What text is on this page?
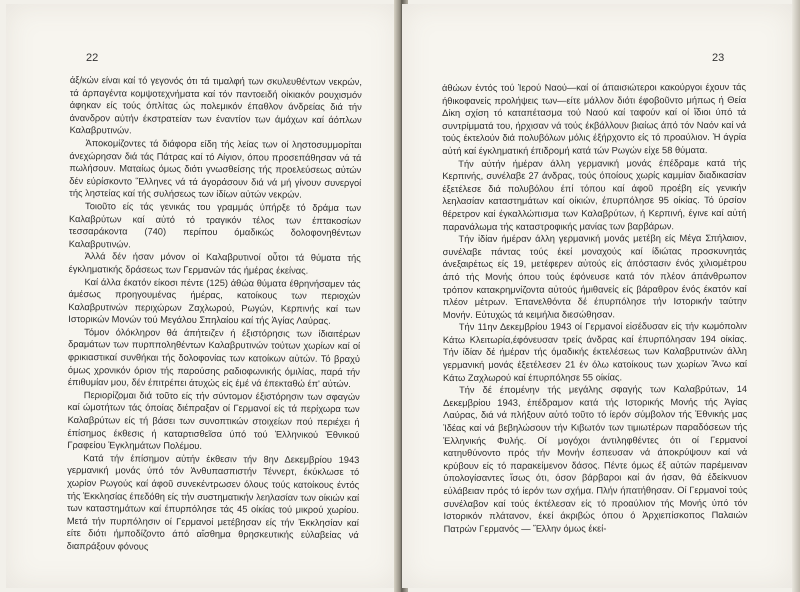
22

άξ/κών είναι καί τό γεγονός ότι τά τιμαλφή των σκυλευθέντων νεκρών, τά άρπαγέντα κομψοτεχνήματα καί τόν παντοειδή οἰκιακόν ρουχισμόν άφηκαν είς τούς όπλίτας ώς πολεμικόν έπαθλον άνδρείας διά τήν άνανδρον αὐτήν έκστρατείαν των έναντίον των άμάχων καί άόπλων Καλαβρυτινών.

Ἀποκομίζοντες τά διάφορα είδη τής λείας των οί ληστοσυμμορίται άνεχώρησαν διά τάς Πάτρας καί τό Αίγιον, όπου προσεπάθησαν νά τά πωλήσουν. Ματαίως όμως διότι γνωσθείσης τής προελεύσεως αὐτών δέν εύρίσκοντο Ἕλληνες νά τά άγοράσουν διά νά μή γίνουν συνεργοί τής ληστείας καί τής συλήσεως των ίδίων αὐτών νεκρών.

Τοιοῦτο είς τάς γενικάς του γραμμάς ύπήρξε τό δράμα των Καλαβρύτων καί αὐτό τό τραγικόν τέλος των έπτακοσίων τεσσαράκοντα (740) περίπου όμαδικώς δολοφονηθέντων Καλαβρυτινών.

Ἀλλά δέν ήσαν μόνον οί Καλαβρυτινοί οὗτοι τά θύματα τής έγκληματικής δράσεως των Γερμανών τάς ήμέρας έκείνας.

Καί άλλα έκατόν είκοσι πέντε (125) άθώα θύματα έθρηνήσαμεν τάς άμέσως προηγουμένας ήμέρας, κατοίκους των περιοχών Καλαβρυτινών περιχώρων Ζαχλωρού, Ρωγών, Κερπινής καί των Ιστορικών Μονών τού Μεγάλου Σπηλαίου καί τής Ἁγίας Λαύρας.

Τόμον όλόκληρον θά άπήτειζεν ή έξιστόρησις των ίδιαιτέρων δραμάτων των πυρπποληθέντων Καλαβρυτινών τούτων χωρίων καί οί φρικιαστικαί συνθήκαι τής δολοφονίας των κατοίκων αὐτών. Τό βραχύ όμως χρονικόν όριον τής παρούσης ραδιοφωνικής όμιλίας, παρά τήν έπιθυμίαν μου, δέν έπιτρέπει άτυχώς είς έμέ νά έπεκταθώ έπ' αὐτών.

Περιορίζομαι διά τοῦτο είς τήν σύντομον έξιστόρησιν των σφαγών καί ώμοτήτων τάς όποίας διέπραξαν οί Γερμανοί είς τά περίχωρα των Καλαβρύτων είς τή βάσει των συνοπτικών στοιχείων πού περιέχει ή έπίσημος έκθεσις ή καταρτισθεῖσα ύπό τού Ἑλληνικού Ἐθνικού Γραφείου Ἐγκλημάτων Πολέμου.

Κατά τήν έπίσημον αὐτήν έκθεσιν τήν 8ην Δεκεμβρίου 1943 γερμανική μονάς ύπό τόν Ἀνθυπασπιστήν Τέννερτ, έκύκλωσε τό χωρίον Ρωγούς καί άφοῦ συνεκέντρωσεν όλους τούς κατοίκους έντός τής Ἐκκλησίας έπεδόθη είς τήν συστηματικήν λεηλασίαν των οίκιών καί των καταστημάτων καί έπυρπόλησε τάς 45 οίκίας τού μικρού χωρίου. Μετά τήν πυρπόλησιν οί Γερμανοί μετέβησαν είς τήν Ἐκκλησίαν καί είτε διότι ήμποδίζοντο άπό αἴσθημα θρησκευτικής εὐλαβείας νά διαπράξουν φόνους

23

άθώων έντός τού Ἱερού Ναού—καί οί άπαισιώτεροι κακούργοι έχουν τάς ήθικοφανείς προλήψεις των—είτε μάλλον διότι έφοβοῦντο μήπως ή Θεία Δίκη σχίση τό καταπέτασμα τού Ναού καί ταφούν καί οί ἴδιοι ύπό τά συντρίμματά του, ήρχισαν νά τούς έκβάλλουν βιαίως άπό τόν Ναόν καί νά τούς έκτελούν διά πολυβόλων μόλις έξήρχοντο είς τό προαύλιον. Ἡ άγρία αὐτή καί έγκληματική έπιδρομή κατά τών Ρωγών είχε 58 θύματα.

Τήν αὐτήν ήμέραν άλλη γερμανική μονάς έπέδραμε κατά τής Κερπινής, συνέλαβε 27 άνδρας, τούς όποίους χωρίς καμμίαν διαδικασίαν έξετέλεσε διά πολυβόλου έπί τόπου καί άφοῦ προέβη είς γενικήν λεηλασίαν καταστημάτων καί οίκιών, έπυρπόλησε 95 οίκίας. Τό ύρσίον θέρετρον καί έγκαλλώπισμα των Καλαβρύτων, ή Κερπινή, έγινε καί αὐτή παρανάλωμα τής καταστροφικής μανίας των βαρβάρων.

Τήν ἰδίαν ήμέραν άλλη γερμανική μονάς μετέβη είς Μέγα Σπήλαιον, συνέλαβε πάντας τούς έκεί μοναχούς καί ίδιώτας προσκυνητάς άνεξαιρέτως είς 19, μετέφερεν αὐτούς είς άπόστασιν ένός χιλιομέτρου άπό τής Μονής όπου τούς έφόνευσε κατά τόν πλέον άπάνθρωπον τρόπον κατακρημνίζοντα αὐτούς ήμιθανείς είς βάραθρον ένός έκατόν καί πλέον μέτρων. Ἐπανελθόντα δέ έπυρπόλησε τήν Ιστορικήν ταύτην Μονήν. Εὐτυχώς τά κειμήλια διεσώθησαν.

Τήν 11ην Δεκεμβρίου 1943 οί Γερμανοί εἰσέδυσαν είς τήν κωμόπολιν Κάτω Κλειτωρία,έφόνευσαν τρείς άνδρας καί έπυρπόλησαν 194 οίκίας. Τήν ίδίαν δέ ήμέραν τής όμαδικής έκτελέσεως των Καλαβρυτινών άλλη γερμανική μονάς έξετέλεσεν 21 έν όλω κατοίκους των χωρίων Ἄνω καί Κάτω Ζαχλωρού καί έπυρπόλησε 55 οίκίας.

Τήν δέ έπομένην τής μεγάλης σφαγής των Καλαβρύτων, 14 Δεκεμβρίου 1943, έπέδραμον κατά τής Ιστορικής Μονής τής Ἁγίας Λαύρας, διά νά πλήξουν αὐτό τοῦτο τό ίερόν σύμβολον τής Ἐθνικής μας Ἰδέας καί νά βεβηλώσουν τήν Κιβωτόν των τιμιωτέρων παραδόσεων τής Ἑλληνικής Φυλής. Οί μογόχοι άντιληφθέντες ότι οί Γερμανοί κατηυθύνοντο πρός τήν Μονήν έσπευσαν νά άποκρύψουν καί νά κρύβουν είς τό παρακείμενον δάσος. Πέντε όμως έξ αὐτών παρέμειναν ύπολογίσαντες ἴσως ότι, όσον βάρβαροι καί άν ήσαν, θά έδείκνυον εὐλάβειαν πρός τό ίερόν των σχήμα. Πλήν ήπατήθησαν. Οί Γερμανοί τούς συνέλαβον καί τούς έκτέλεσαν είς τό προαύλιον τής Μονής ύπό τόν Ιστορικόν πλάτανον, έκεί άκριβώς όπου ό Ἀρχιεπίσκοπος Παλαιών Πατρών Γερμανός — Ἕλλην όμως έκεί-
